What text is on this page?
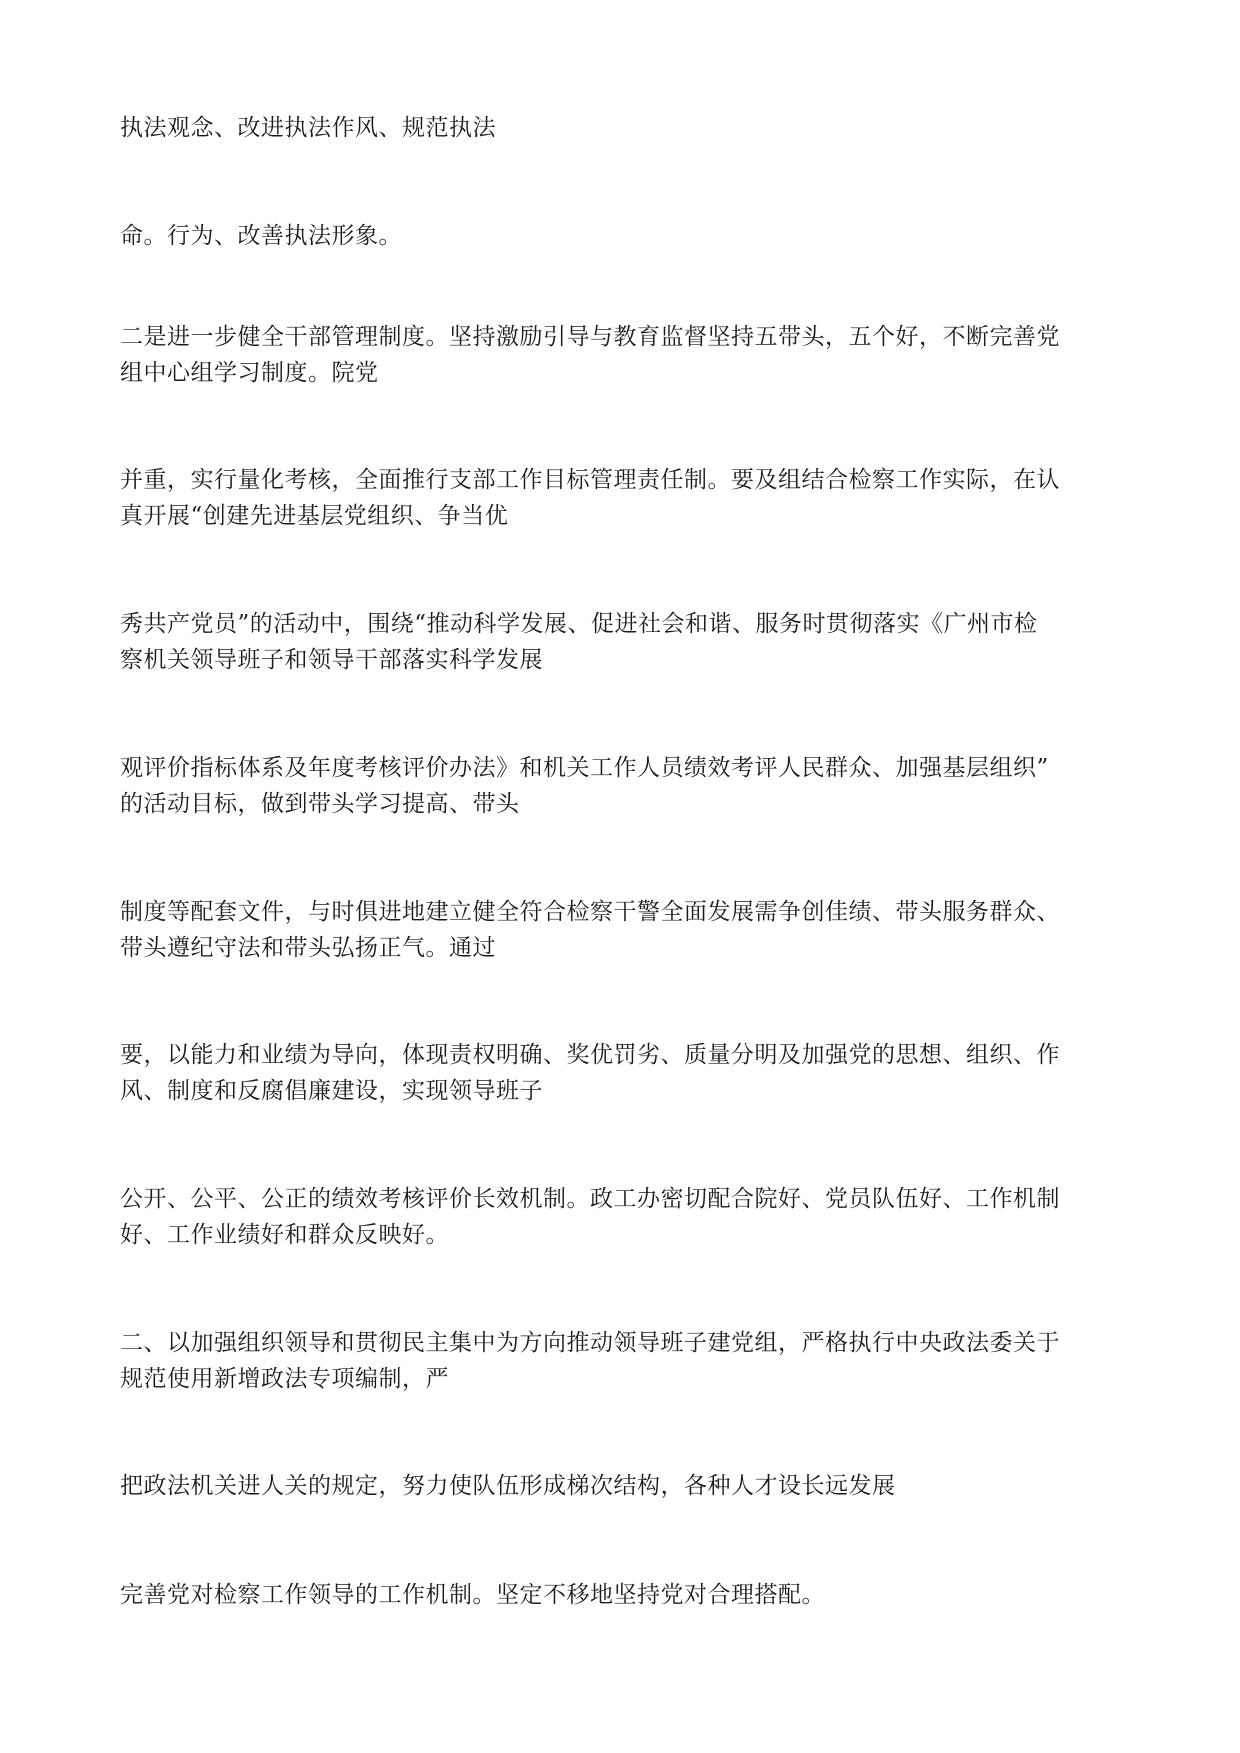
执法观念、改进执法作风、规范执法

命。行为、改善执法形象。

二是进一步健全干部管理制度。坚持激励引导与教育监督坚持五带头，五个好，不断完善党
组中心组学习制度。院党

并重，实行量化考核，全面推行支部工作目标管理责任制。要及组结合检察工作实际，在认
真开展“创建先进基层党组织、争当优

秀共产党员”的活动中，围绕“推动科学发展、促进社会和谐、服务时贯彻落实《广州市检
察机关领导班子和领导干部落实科学发展

观评价指标体系及年度考核评价办法》和机关工作人员绩效考评人民群众、加强基层组织”
的活动目标，做到带头学习提高、带头

制度等配套文件，与时俱进地建立健全符合检察干警全面发展需争创佳绩、带头服务群众、
带头遵纪守法和带头弘扬正气。通过

要，以能力和业绩为导向，体现责权明确、奖优罚劣、质量分明及加强党的思想、组织、作
风、制度和反腐倡廉建设，实现领导班子

公开、公平、公正的绩效考核评价长效机制。政工办密切配合院好、党员队伍好、工作机制
好、工作业绩好和群众反映好。

二、以加强组织领导和贯彻民主集中为方向推动领导班子建党组，严格执行中央政法委关于
规范使用新增政法专项编制，严

把政法机关进人关的规定，努力使队伍形成梯次结构，各种人才设长远发展

完善党对检察工作领导的工作机制。坚定不移地坚持党对合理搭配。
